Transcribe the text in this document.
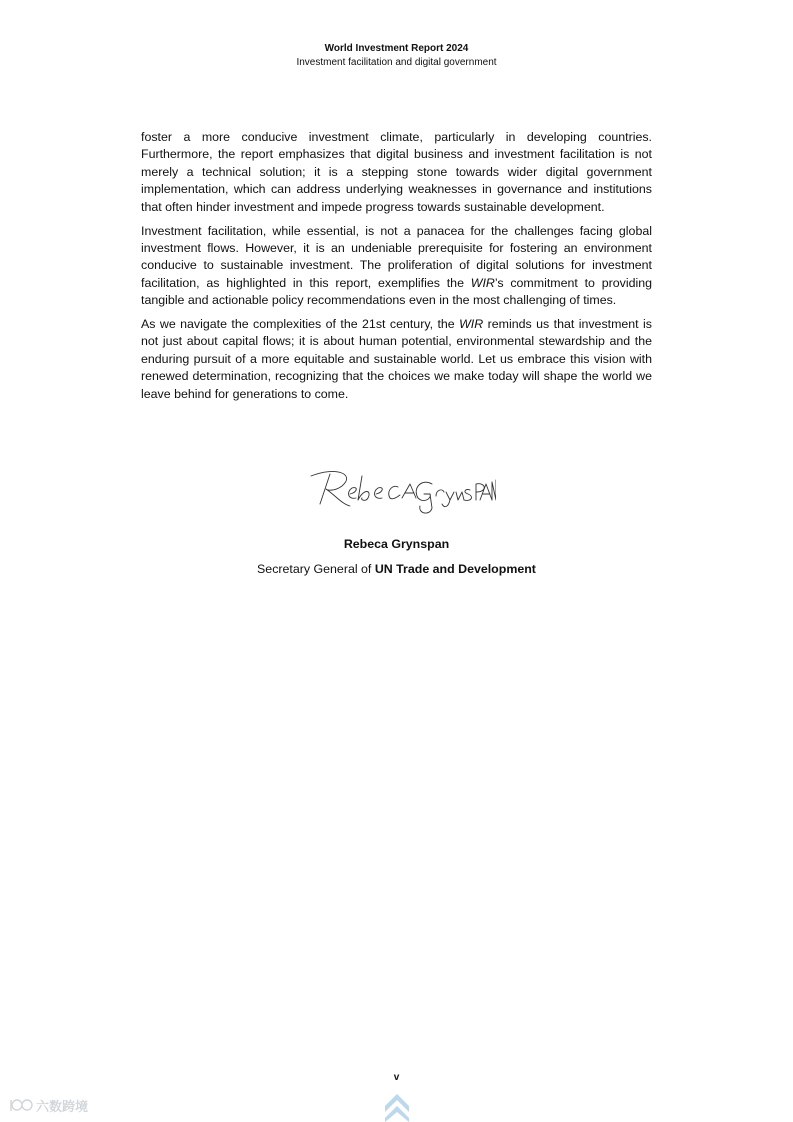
World Investment Report 2024
Investment facilitation and digital government

foster a more conducive investment climate, particularly in developing countries. Furthermore, the report emphasizes that digital business and investment facilitation is not merely a technical solution; it is a stepping stone towards wider digital government implementation, which can address underlying weaknesses in governance and institutions that often hinder investment and impede progress towards sustainable development.

Investment facilitation, while essential, is not a panacea for the challenges facing global investment flows. However, it is an undeniable prerequisite for fostering an environment conducive to sustainable investment. The proliferation of digital solutions for investment facilitation, as highlighted in this report, exemplifies the WIR’s commitment to providing tangible and actionable policy recommendations even in the most challenging of times.

As we navigate the complexities of the 21st century, the WIR reminds us that investment is not just about capital flows; it is about human potential, environmental stewardship and the enduring pursuit of a more equitable and sustainable world. Let us embrace this vision with renewed determination, recognizing that the choices we make today will shape the world we leave behind for generations to come.

Rebeca Grynspan
Secretary General of UN Trade and Development
v
六数跨境
